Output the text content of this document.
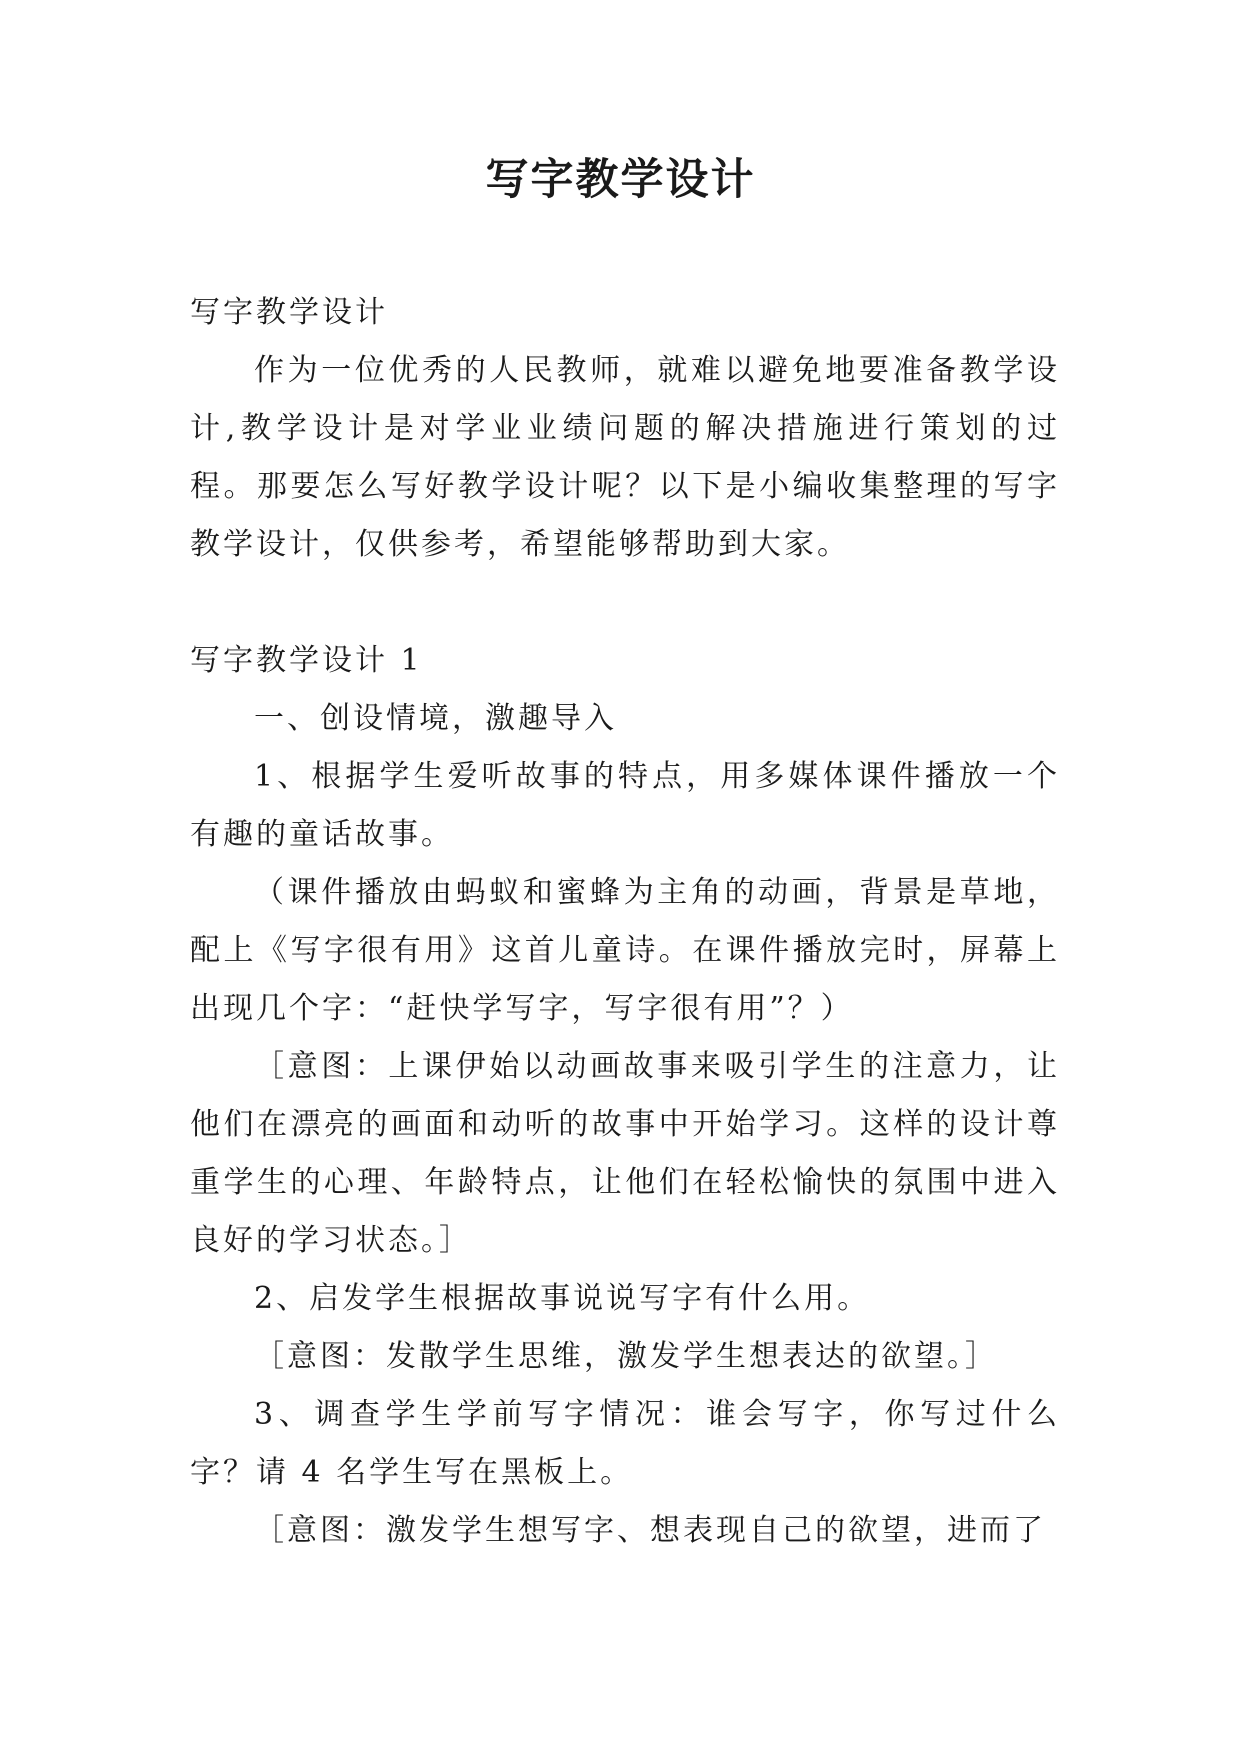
写字教学设计

写字教学设计

作为一位优秀的人民教师，就难以避免地要准备教学设计,教学设计是对学业业绩问题的解决措施进行策划的过程。那要怎么写好教学设计呢？以下是小编收集整理的写字教学设计，仅供参考，希望能够帮助到大家。

写字教学设计 1

一、创设情境，激趣导入

1、根据学生爱听故事的特点，用多媒体课件播放一个有趣的童话故事。

（课件播放由蚂蚁和蜜蜂为主角的动画，背景是草地，配上《写字很有用》这首儿童诗。在课件播放完时，屏幕上出现几个字：“赶快学写字，写字很有用”？）

［意图：上课伊始以动画故事来吸引学生的注意力，让他们在漂亮的画面和动听的故事中开始学习。这样的设计尊重学生的心理、年龄特点，让他们在轻松愉快的氛围中进入良好的学习状态。］

2、启发学生根据故事说说写字有什么用。

［意图：发散学生思维，激发学生想表达的欲望。］

3、调查学生学前写字情况：谁会写字，你写过什么字？请 4 名学生写在黑板上。

［意图：激发学生想写字、想表现自己的欲望，进而了
